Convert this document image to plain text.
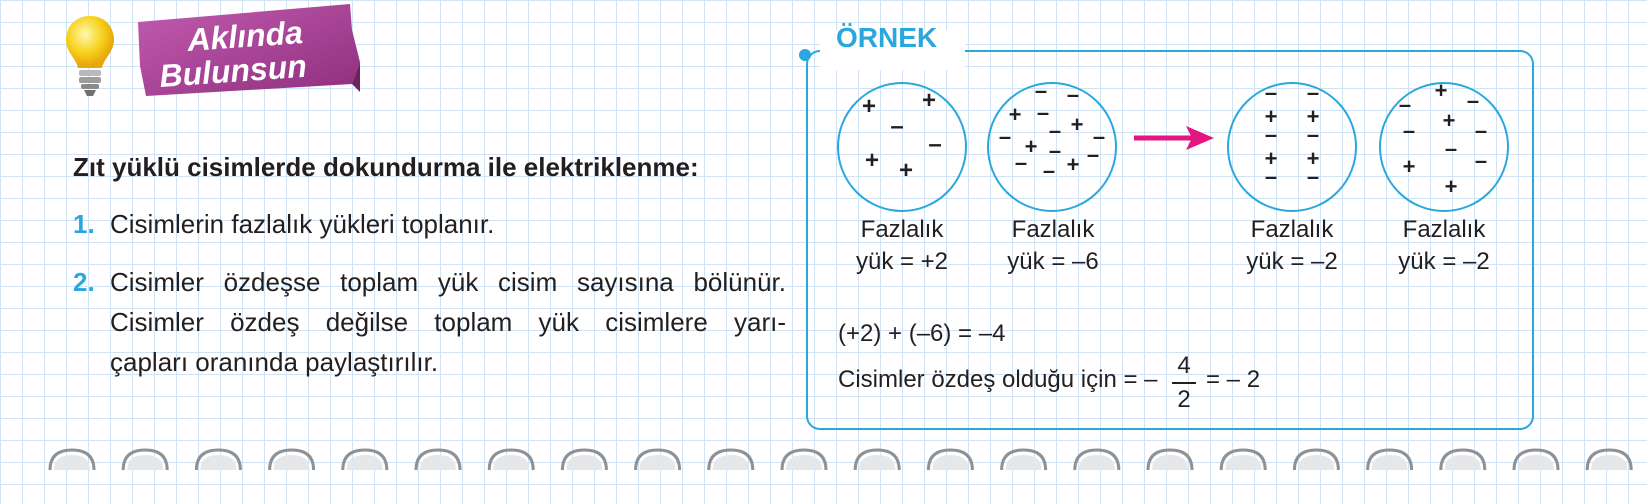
Aklında
Bulunsun
Zıt yüklü cisimlerde dokundurma ile elektriklenme:
1. Cisimlerin fazlalık yükleri toplanır.
2. Cisimler özdeşse toplam yük cisim sayısına bölünür.
Cisimler özdeş değilse toplam yük cisimlere yarı-
çapları oranında paylaştırılır.
ÖRNEK
+ +
–
–
+ +
– –
+ – +
– +
– –
– – –
– +
– –
+ +
– –
+ +
– –
+
–	–
+
–	–
–
+	–
+
Fazlalık
yük = +2
Fazlalık
yük = –6
Fazlalık
yük = –2
Fazlalık
yük = –2
(+2) + (–6) = –4
Cisimler özdeş olduğu için = –
4
2
= – 2
